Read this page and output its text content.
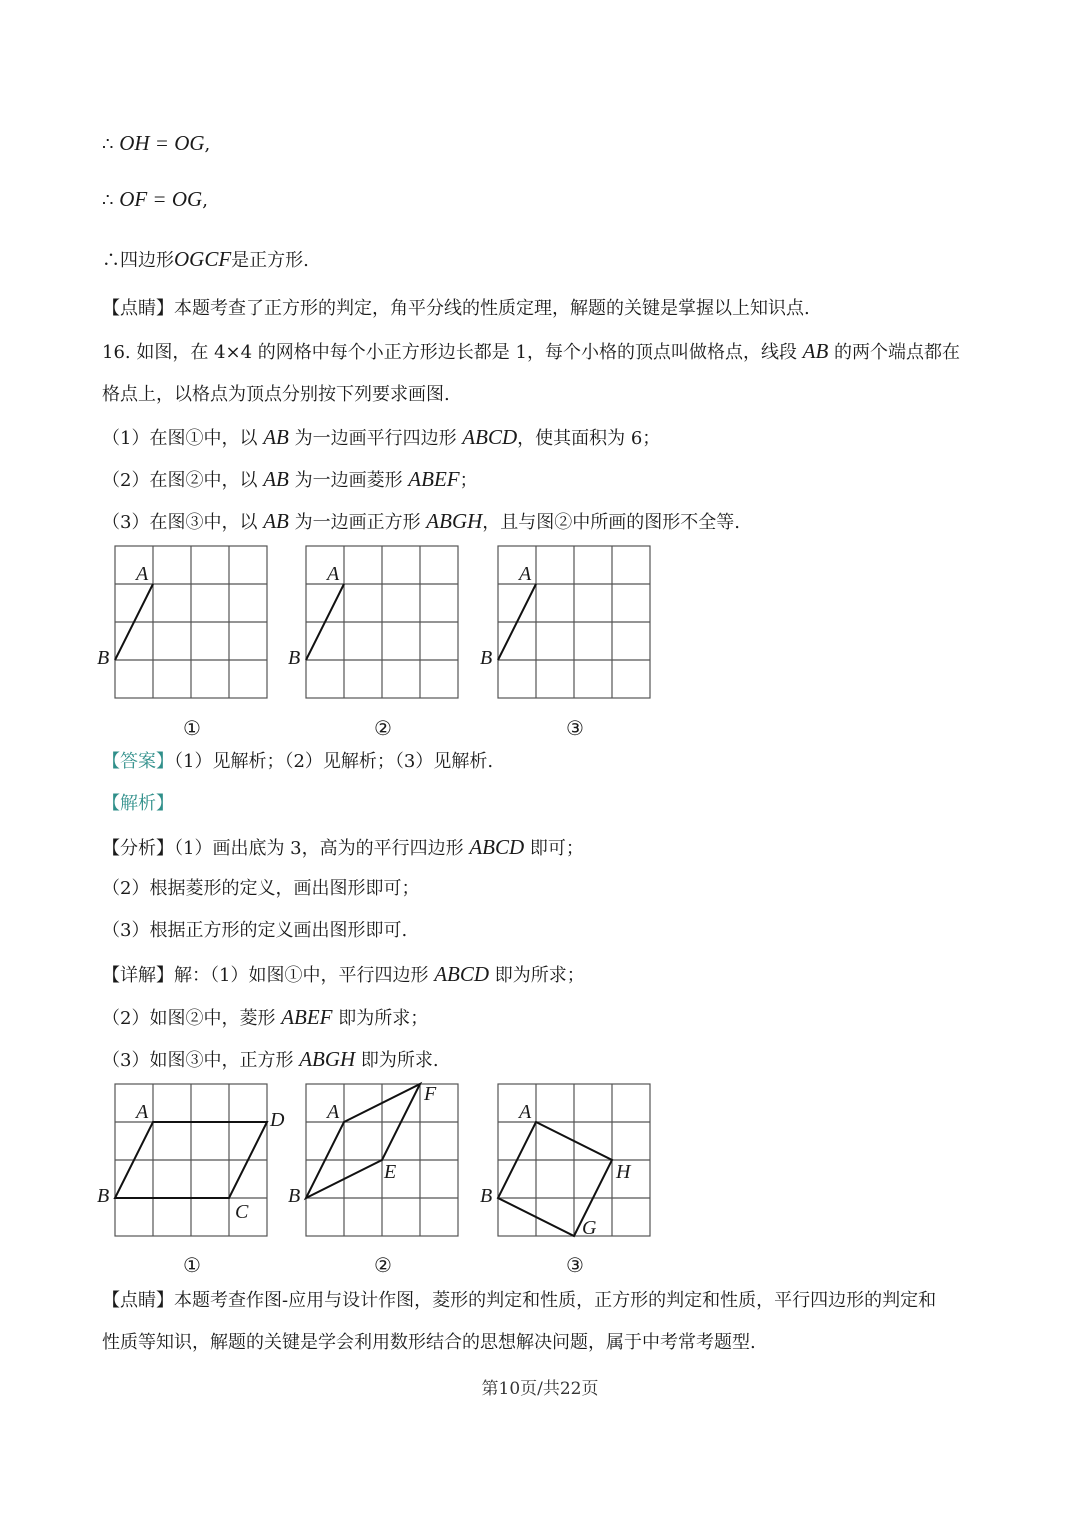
∴ OH = OG,
∴ OF = OG,
∴四边形OGCF是正方形.
【点睛】本题考查了正方形的判定，角平分线的性质定理，解题的关键是掌握以上知识点.
16. 如图，在 4×4 的网格中每个小正方形边长都是 1，每个小格的顶点叫做格点，线段 AB 的两个端点都在
格点上，以格点为顶点分别按下列要求画图.
（1）在图①中，以 AB 为一边画平行四边形 ABCD，使其面积为 6；
（2）在图②中，以 AB 为一边画菱形 ABEF；
（3）在图③中，以 AB 为一边画正方形 ABGH，且与图②中所画的图形不全等.
A
B
A
B
A
B
①	②	③
【答案】（1）见解析；（2）见解析；（3）见解析.
【解析】
【分析】（1）画出底为 3，高为的平行四边形 ABCD 即可；
（2）根据菱形的定义，画出图形即可；
（3）根据正方形的定义画出图形即可.
【详解】解：（1）如图①中，平行四边形 ABCD 即为所求；
（2）如图②中，菱形 ABEF 即为所求；
（3）如图③中，正方形 ABGH 即为所求.
A
B
C
D A
B
E
F
A
B
G
H
①	②	③
【点睛】本题考查作图-应用与设计作图，菱形的判定和性质，正方形的判定和性质，平行四边形的判定和
性质等知识，解题的关键是学会利用数形结合的思想解决问题，属于中考常考题型.
第10页/共22页
